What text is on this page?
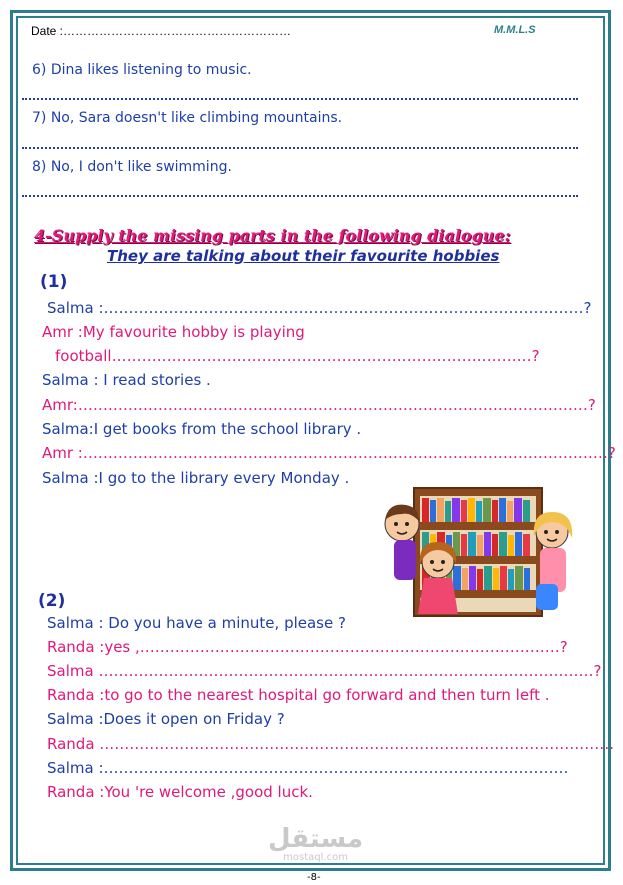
Date :…………………………………………………	M.M.L.S
6) Dina likes listening to music.
7) No, Sara doesn't like climbing mountains.
8) No, I don't like swimming.
4-Supply the missing parts in the following dialogue:
They are talking about their favourite hobbies
(1)
Salma :……………………………………………………………………………………?
Amr :My favourite hobby is playing
football…………………………………………………………………………?
Salma : I read stories .
Amr:…………………………………………………………………………………………?
Salma:I get books from the school library .
Amr :……………………………………………………………………………………………?
Salma :I go to the library every Monday .
(2)
Salma : Do you have a minute, please ?
Randa :yes ,…………………………………………………………………………?
Salma ………………………………………………………………………………………?
Randa :to go to the nearest hospital go forward and then turn left .
Salma :Does it open on Friday ?
Randa ………………………………………………………………………………………….
Salma :…………………………………………………………………………………
Randa :You 're welcome ,good luck.
مستقل
mostaql.com
-8-
